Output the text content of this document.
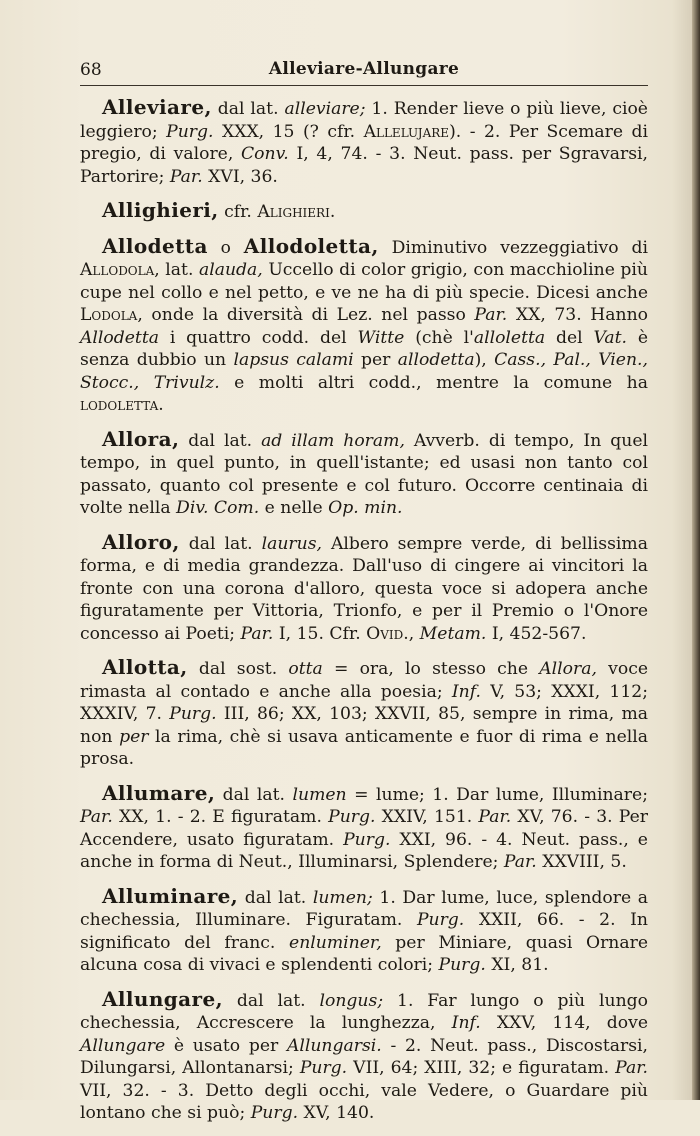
68	Alleviare-Allungare

Alleviare, dal lat. alleviare; 1. Render lieve o più lieve, cioè leggiero; Purg. XXX, 15 (? cfr. Allelujare). - 2. Per Scemare di pregio, di valore, Conv. I, 4, 74. - 3. Neut. pass. per Sgravarsi, Partorire; Par. XVI, 36.

Allighieri, cfr. Alighieri.

Allodetta o Allodoletta, Diminutivo vezzeggiativo di Allodola, lat. alauda, Uccello di color grigio, con macchioline più cupe nel collo e nel petto, e ve ne ha di più specie. Dicesi anche Lodola, onde la diversità di Lez. nel passo Par. XX, 73. Hanno Allodetta i quattro codd. del Witte (chè l'alloletta del Vat. è senza dubbio un lapsus calami per allodetta), Cass., Pal., Vien., Stocc., Trivulz. e molti altri codd., mentre la comune ha lodoletta.

Allora, dal lat. ad illam horam, Avverb. di tempo, In quel tempo, in quel punto, in quell'istante; ed usasi non tanto col passato, quanto col presente e col futuro. Occorre centinaia di volte nella Div. Com. e nelle Op. min.

Alloro, dal lat. laurus, Albero sempre verde, di bellissima forma, e di media grandezza. Dall'uso di cingere ai vincitori la fronte con una corona d'alloro, questa voce si adopera anche figuratamente per Vittoria, Trionfo, e per il Premio o l'Onore concesso ai Poeti; Par. I, 15. Cfr. Ovid., Metam. I, 452-567.

Allotta, dal sost. otta = ora, lo stesso che Allora, voce rimasta al contado e anche alla poesia; Inf. V, 53; XXXI, 112; XXXIV, 7. Purg. III, 86; XX, 103; XXVII, 85, sempre in rima, ma non per la rima, chè si usava anticamente e fuor di rima e nella prosa.

Allumare, dal lat. lumen = lume; 1. Dar lume, Illuminare; Par. XX, 1. - 2. E figuratam. Purg. XXIV, 151. Par. XV, 76. - 3. Per Accendere, usato figuratam. Purg. XXI, 96. - 4. Neut. pass., e anche in forma di Neut., Illuminarsi, Splendere; Par. XXVIII, 5.

Alluminare, dal lat. lumen; 1. Dar lume, luce, splendore a chechessia, Illuminare. Figuratam. Purg. XXII, 66. - 2. In significato del franc. enluminer, per Miniare, quasi Ornare alcuna cosa di vivaci e splendenti colori; Purg. XI, 81.

Allungare, dal lat. longus; 1. Far lungo o più lungo chechessia, Accrescere la lunghezza, Inf. XXV, 114, dove Allungare è usato per Allungarsi. - 2. Neut. pass., Discostarsi, Dilungarsi, Allontanarsi; Purg. VII, 64; XIII, 32; e figuratam. Par. VII, 32. - 3. Detto degli occhi, vale Vedere, o Guardare più lontano che si può; Purg. XV, 140.
